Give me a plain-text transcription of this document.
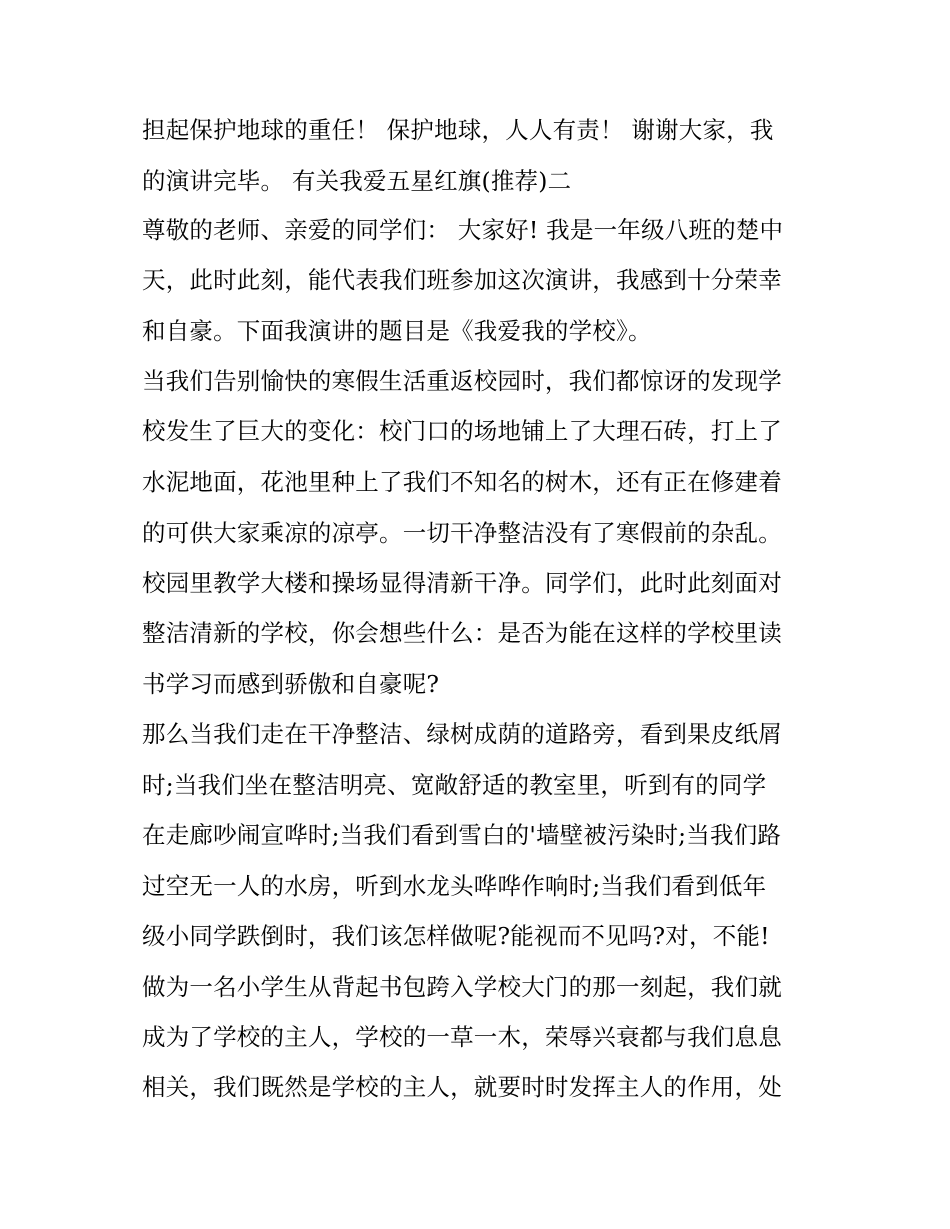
担起保护地球的重任！ 保护地球，人人有责！ 谢谢大家，我
的演讲完毕。 有关我爱五星红旗(推荐)二
尊敬的老师、亲爱的同学们： 大家好! 我是一年级八班的楚中
天，此时此刻，能代表我们班参加这次演讲，我感到十分荣幸
和自豪。下面我演讲的题目是《我爱我的学校》。
当我们告别愉快的寒假生活重返校园时，我们都惊讶的发现学
校发生了巨大的变化：校门口的场地铺上了大理石砖，打上了
水泥地面，花池里种上了我们不知名的树木，还有正在修建着
的可供大家乘凉的凉亭。一切干净整洁没有了寒假前的杂乱。
校园里教学大楼和操场显得清新干净。同学们，此时此刻面对
整洁清新的学校，你会想些什么：是否为能在这样的学校里读
书学习而感到骄傲和自豪呢?
那么当我们走在干净整洁、绿树成荫的道路旁，看到果皮纸屑
时;当我们坐在整洁明亮、宽敞舒适的教室里，听到有的同学
在走廊吵闹宣哗时;当我们看到雪白的'墙壁被污染时;当我们路
过空无一人的水房，听到水龙头哗哗作响时;当我们看到低年
级小同学跌倒时，我们该怎样做呢?能视而不见吗?对，不能!
做为一名小学生从背起书包跨入学校大门的那一刻起，我们就
成为了学校的主人，学校的一草一木，荣辱兴衰都与我们息息
相关，我们既然是学校的主人，就要时时发挥主人的作用，处
